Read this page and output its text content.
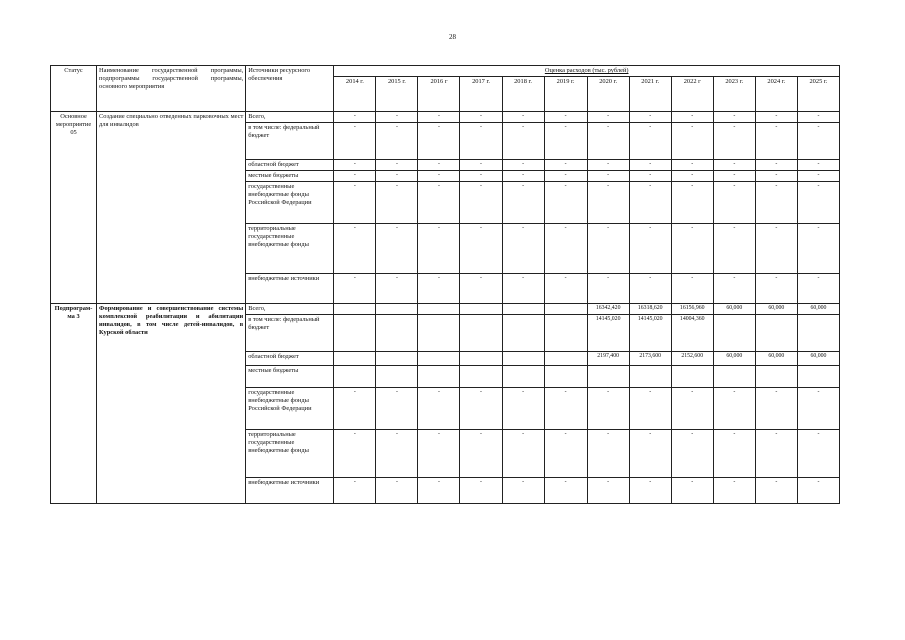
28
Статус	Наименование государственной программы, подпрограммы государственной программы, основного мероприятия	Источники ресурсного обеспечения	Оценка расходов (тыс. рублей)											
			2014 г.	2015 г.	2016 г	2017 г.	2018 г.	2019 г.	2020 г.	2021 г.	2022 г	2023 г.	2024 г.	2025 г.
Основное мероприятие 05	Создание специально отведенных парковочных мест для инвалидов	Всего,	-	-	-	-	-	-	-	-	-	-	-	-
		в том числе: федеральный бюджет	-	-	-	-	-	-	-	-	-	-	-	-
		областной бюджет	-	-	-	-	-	-	-	-	-	-	-	-
		местные бюджеты	-	-	-	-	-	-	-	-	-	-	-	-
		государственные внебюджетные фонды Российской Федерации	-	-	-	-	-	-	-	-	-	-	-	-
		территориальные государственные внебюджетные фонды	-	-	-	-	-	-	-	-	-	-	-	-
		внебюджетные источники	-	-	-	-	-	-	-	-	-	-	-	-
Подпрограм-ма 3	Формирование и совершенствование системы комплексной реабилитации и абилитации инвалидов, в том числе детей-инвалидов, в Курской области	Всего,							16342,420	16318,620	16156,960	60,000	60,000	60,000
		в том числе: федеральный бюджет							14145,020	14145,020	14004,360			
		областной бюджет							2197,400	2173,600	2152,600	60,000	60,000	60,000
		местные бюджеты												
		государственные внебюджетные фонды Российской Федерации	-	-	-	-	-	-	-	-	-	-	-	-
		территориальные государственные внебюджетные фонды	-	-	-	-	-	-	-	-	-	-	-	-
		внебюджетные источники	-	-	-	-	-	-	-	-	-	-	-	-
